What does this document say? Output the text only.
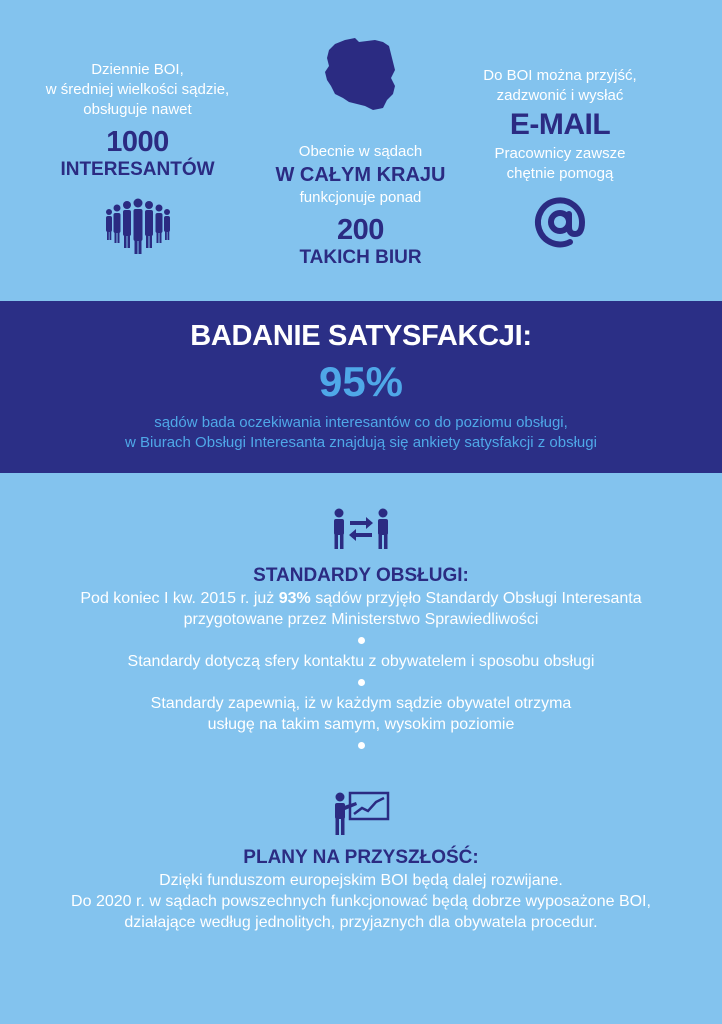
Dziennie BOI,
w średniej wielkości sądzie,
obsługuje nawet
1000
INTERESANTÓW
Obecnie w sądach
W CAŁYM KRAJU
funkcjonuje ponad
200
TAKICH BIUR
Do BOI można przyjść,
zadzwonić i wysłać
E-MAIL
Pracownicy zawsze
chętnie pomogą
BADANIE SATYSFAKCJI:
95%
sądów bada oczekiwania interesantów co do poziomu obsługi,
w Biurach Obsługi Interesanta znajdują się ankiety satysfakcji z obsługi
STANDARDY OBSŁUGI:
Pod koniec I kw. 2015 r. już 93% sądów przyjęło Standardy Obsługi Interesanta
przygotowane przez Ministerstwo Sprawiedliwości
Standardy dotyczą sfery kontaktu z obywatelem i sposobu obsługi
Standardy zapewnią, iż w każdym sądzie obywatel otrzyma
usługę na takim samym, wysokim poziomie
PLANY NA PRZYSZŁOŚĆ:
Dzięki funduszom europejskim BOI będą dalej rozwijane.
Do 2020 r. w sądach powszechnych funkcjonować będą dobrze wyposażone BOI,
działające według jednolitych, przyjaznych dla obywatela procedur.
